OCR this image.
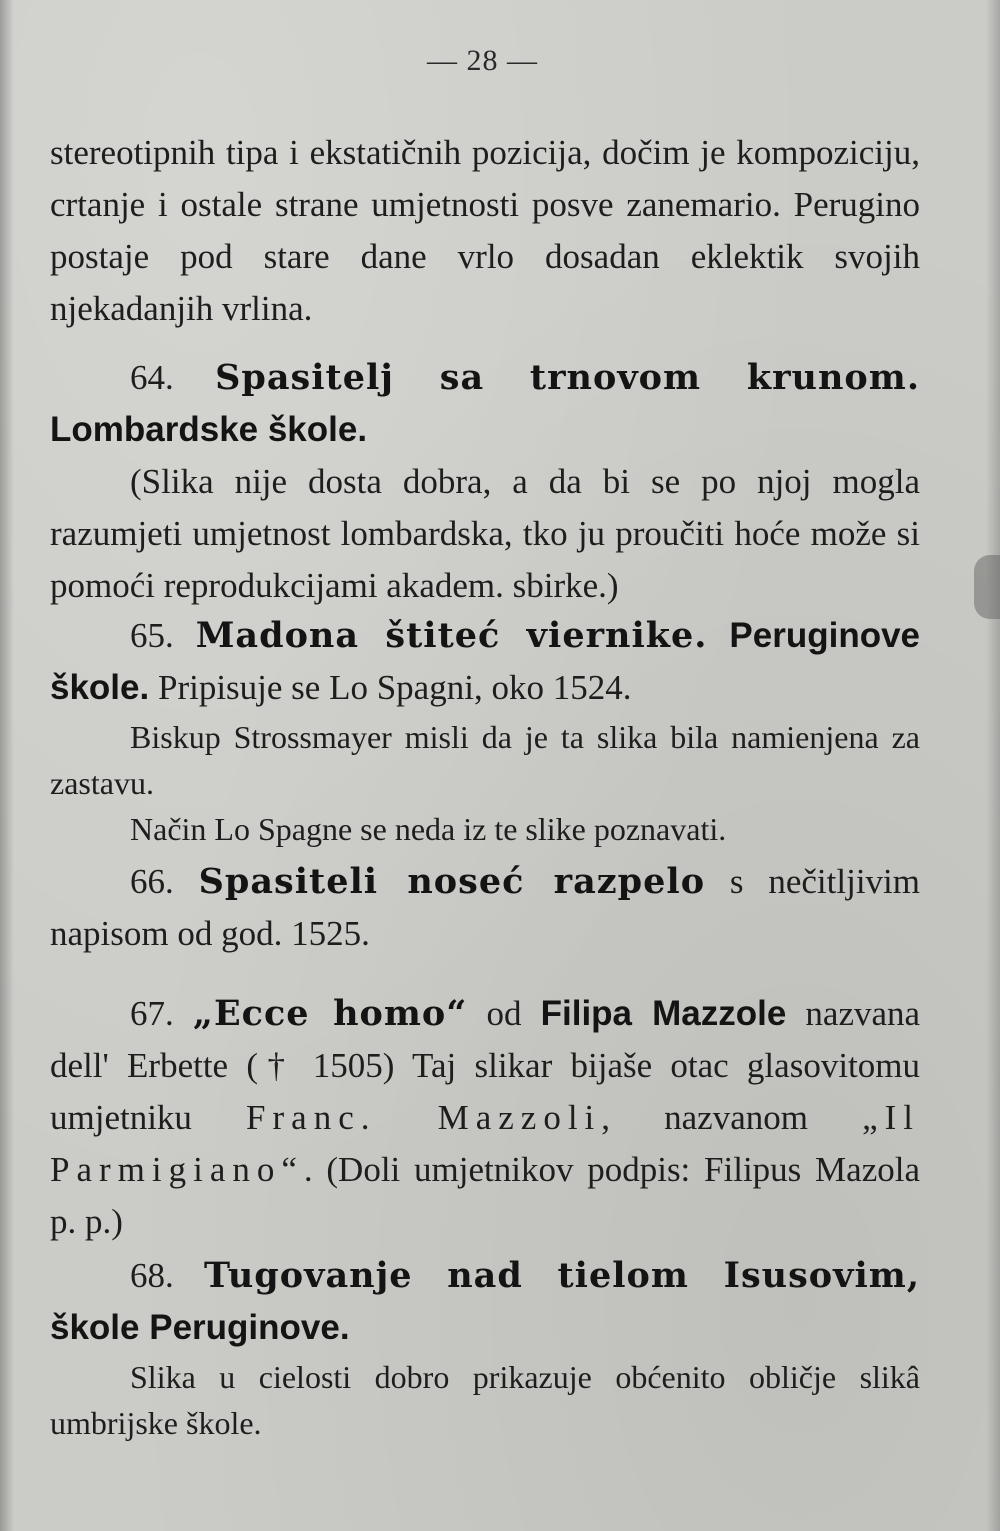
— 28 —

stereotipnih tipa i ekstatičnih pozicija, dočim je kompoziciju, crtanje i ostale strane umjetnosti posve zanemario. Perugino postaje pod stare dane vrlo dosadan eklektik svojih njekadanjih vrlina.

64. Spasitelj sa trnovom krunom. Lombardske škole.

(Slika nije dosta dobra, a da bi se po njoj mogla razumjeti umjetnost lombardska, tko ju proučiti hoće može si pomoći reprodukcijami akadem. sbirke.)

65. Madona štiteć viernike. Peruginove škole. Pripisuje se Lo Spagni, oko 1524.

Biskup Strossmayer misli da je ta slika bila namienjena za zastavu.

Način Lo Spagne se neda iz te slike poznavati.

66. Spasiteli noseć razpelo s nečitljivim napisom od god. 1525.

67. „Ecce homo“ od Filipa Mazzole nazvana dell' Erbette († 1505) Taj slikar bijaše otac glasovitomu umjetniku Franc. Mazzoli, nazvanom „Il Parmigiano“. (Doli umjetnikov podpis: Filipus Mazola p. p.)

68. Tugovanje nad tielom Isusovim, škole Peruginove.

Slika u cielosti dobro prikazuje obćenito obličje slikâ umbrijske škole.
